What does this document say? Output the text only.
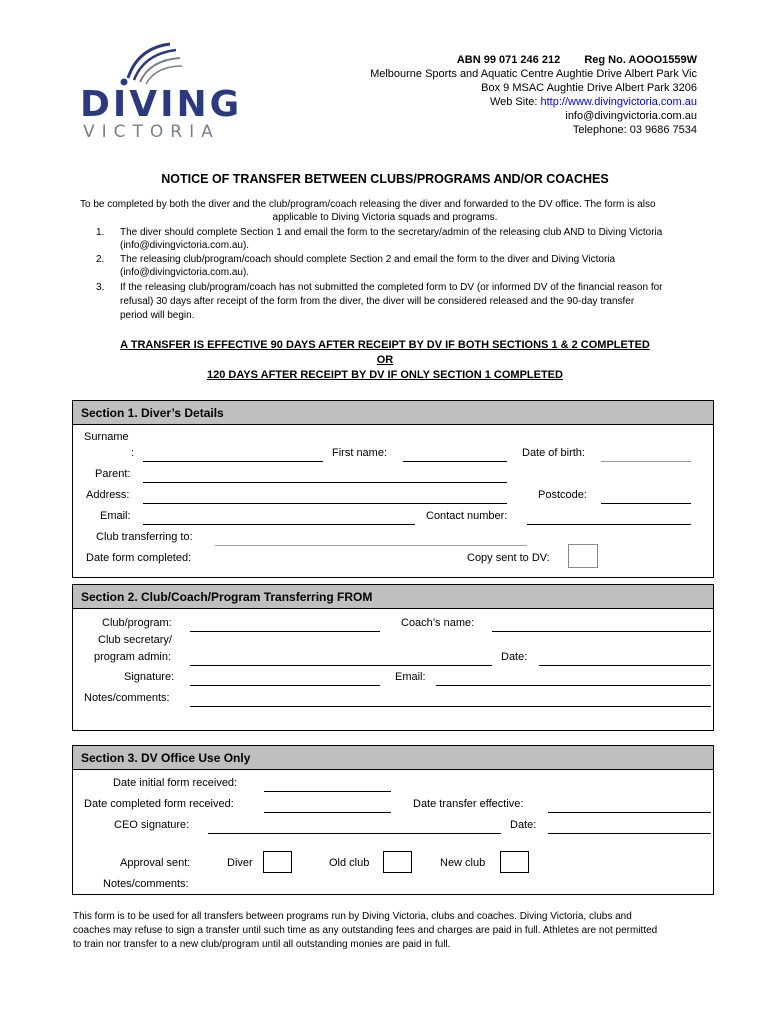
DIVING
VICTORIA
ABN 99 071 246 212 Reg No. AOOO1559W
Melbourne Sports and Aquatic Centre Aughtie Drive Albert Park Vic
Box 9 MSAC Aughtie Drive Albert Park 3206
Web Site: http://www.divingvictoria.com.au
info@divingvictoria.com.au
Telephone: 03 9686 7534
NOTICE OF TRANSFER BETWEEN CLUBS/PROGRAMS AND/OR COACHES
To be completed by both the diver and the club/program/coach releasing the diver and forwarded to the DV office. The form is also
applicable to Diving Victoria squads and programs.
1. The diver should complete Section 1 and email the form to the secretary/admin of the releasing club AND to Diving Victoria
(info@divingvictoria.com.au).
2. The releasing club/program/coach should complete Section 2 and email the form to the diver and Diving Victoria
(info@divingvictoria.com.au).
3. If the releasing club/program/coach has not submitted the completed form to DV (or informed DV of the financial reason for
refusal) 30 days after receipt of the form from the diver, the diver will be considered released and the 90-day transfer
period will begin.
A TRANSFER IS EFFECTIVE 90 DAYS AFTER RECEIPT BY DV IF BOTH SECTIONS 1 & 2 COMPLETED
OR
120 DAYS AFTER RECEIPT BY DV IF ONLY SECTION 1 COMPLETED
Section 1. Diver’s Details
Surname
:	First name:	Date of birth:
Parent:
Address:	Postcode:
Email:	Contact number:
Club transferring to:
Date form completed:	Copy sent to DV:
Section 2. Club/Coach/Program Transferring FROM
Club/program:	Coach’s name:
Club secretary/
program admin:	Date:
Signature:	Email:
Notes/comments:
Section 3. DV Office Use Only
Date initial form received:
Date completed form received:	Date transfer effective:
CEO signature:	Date:
Approval sent:	Diver	Old club	New club
Notes/comments:
This form is to be used for all transfers between programs run by Diving Victoria, clubs and coaches. Diving Victoria, clubs and
coaches may refuse to sign a transfer until such time as any outstanding fees and charges are paid in full. Athletes are not permitted
to train nor transfer to a new club/program until all outstanding monies are paid in full.
